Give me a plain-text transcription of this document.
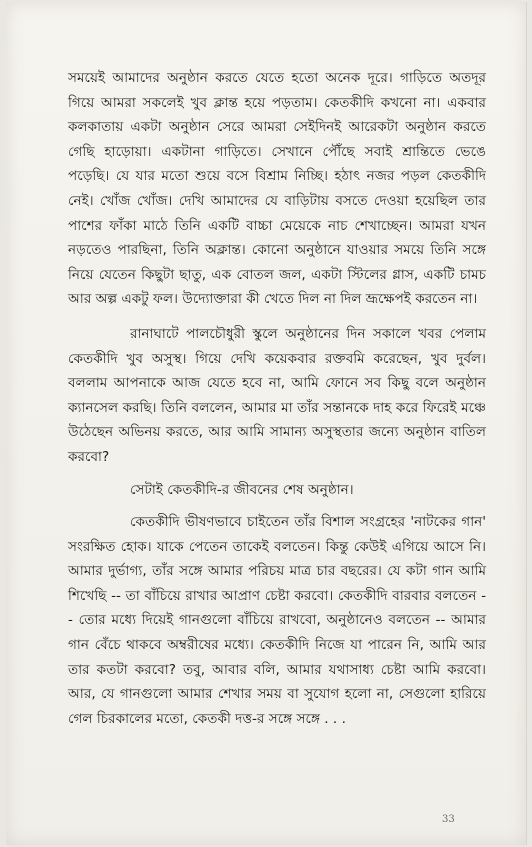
সময়েই আমাদের অনুষ্ঠান করতে যেতে হতো অনেক দূরে। গাড়িতে অতদূর গিয়ে আমরা সকলেই খুব ক্লান্ত হয়ে পড়তাম। কেতকীদি কখনো না। একবার কলকাতায় একটা অনুষ্ঠান সেরে আমরা সেইদিনই আরেকটা অনুষ্ঠান করতে গেছি হাড়োয়া। একটানা গাড়িতে। সেখানে পৌঁছে সবাই শ্রান্তিতে ভেঙে পড়েছি। যে যার মতো শুয়ে বসে বিশ্রাম নিচ্ছি। হঠাৎ নজর পড়ল কেতকীদি নেই। খোঁজ খোঁজ। দেখি আমাদের যে বাড়িটায় বসতে দেওয়া হয়েছিল তার পাশের ফাঁকা মাঠে তিনি একটি বাচ্চা মেয়েকে নাচ শেখাচ্ছেন। আমরা যখন নড়তেও পারছিনা, তিনি অক্লান্ত। কোনো অনুষ্ঠানে যাওয়ার সময়ে তিনি সঙ্গে নিয়ে যেতেন কিছুটা ছাতু, এক বোতল জল, একটা স্টিলের গ্লাস, একটি চামচ আর অল্প একটু ফল। উদ্যোক্তারা কী খেতে দিল না দিল ভ্রূক্ষেপই করতেন না।

রানাঘাটে পালচৌধুরী স্কুলে অনুষ্ঠানের দিন সকালে খবর পেলাম কেতকীদি খুব অসুস্থ। গিয়ে দেখি কয়েকবার রক্তবমি করেছেন, খুব দুর্বল। বললাম আপনাকে আজ যেতে হবে না, আমি ফোনে সব কিছু বলে অনুষ্ঠান ক্যানসেল করছি। তিনি বললেন, আমার মা তাঁর সন্তানকে দাহ করে ফিরেই মঞ্চে উঠেছেন অভিনয় করতে, আর আমি সামান্য অসুস্থতার জন্যে অনুষ্ঠান বাতিল করবো?

সেটাই কেতকীদি-র জীবনের শেষ অনুষ্ঠান।

কেতকীদি ভীষণভাবে চাইতেন তাঁর বিশাল সংগ্রহের 'নাটকের গান' সংরক্ষিত হোক। যাকে পেতেন তাকেই বলতেন। কিন্তু কেউই এগিয়ে আসে নি। আমার দুর্ভাগ্য, তাঁর সঙ্গে আমার পরিচয় মাত্র চার বছরের। যে কটা গান আমি শিখেছি -- তা বাঁচিয়ে রাখার আপ্রাণ চেষ্টা করবো। কেতকীদি বারবার বলতেন -- তোর মধ্যে দিয়েই গানগুলো বাঁচিয়ে রাখবো, অনুষ্ঠানেও বলতেন -- আমার গান বেঁচে থাকবে অম্বরীষের মধ্যে। কেতকীদি নিজে যা পারেন নি, আমি আর তার কতটা করবো? তবু, আবার বলি, আমার যথাসাধ্য চেষ্টা আমি করবো। আর, যে গানগুলো আমার শেখার সময় বা সুযোগ হলো না, সেগুলো হারিয়ে গেল চিরকালের মতো, কেতকী দত্ত-র সঙ্গে সঙ্গে . . .

33
